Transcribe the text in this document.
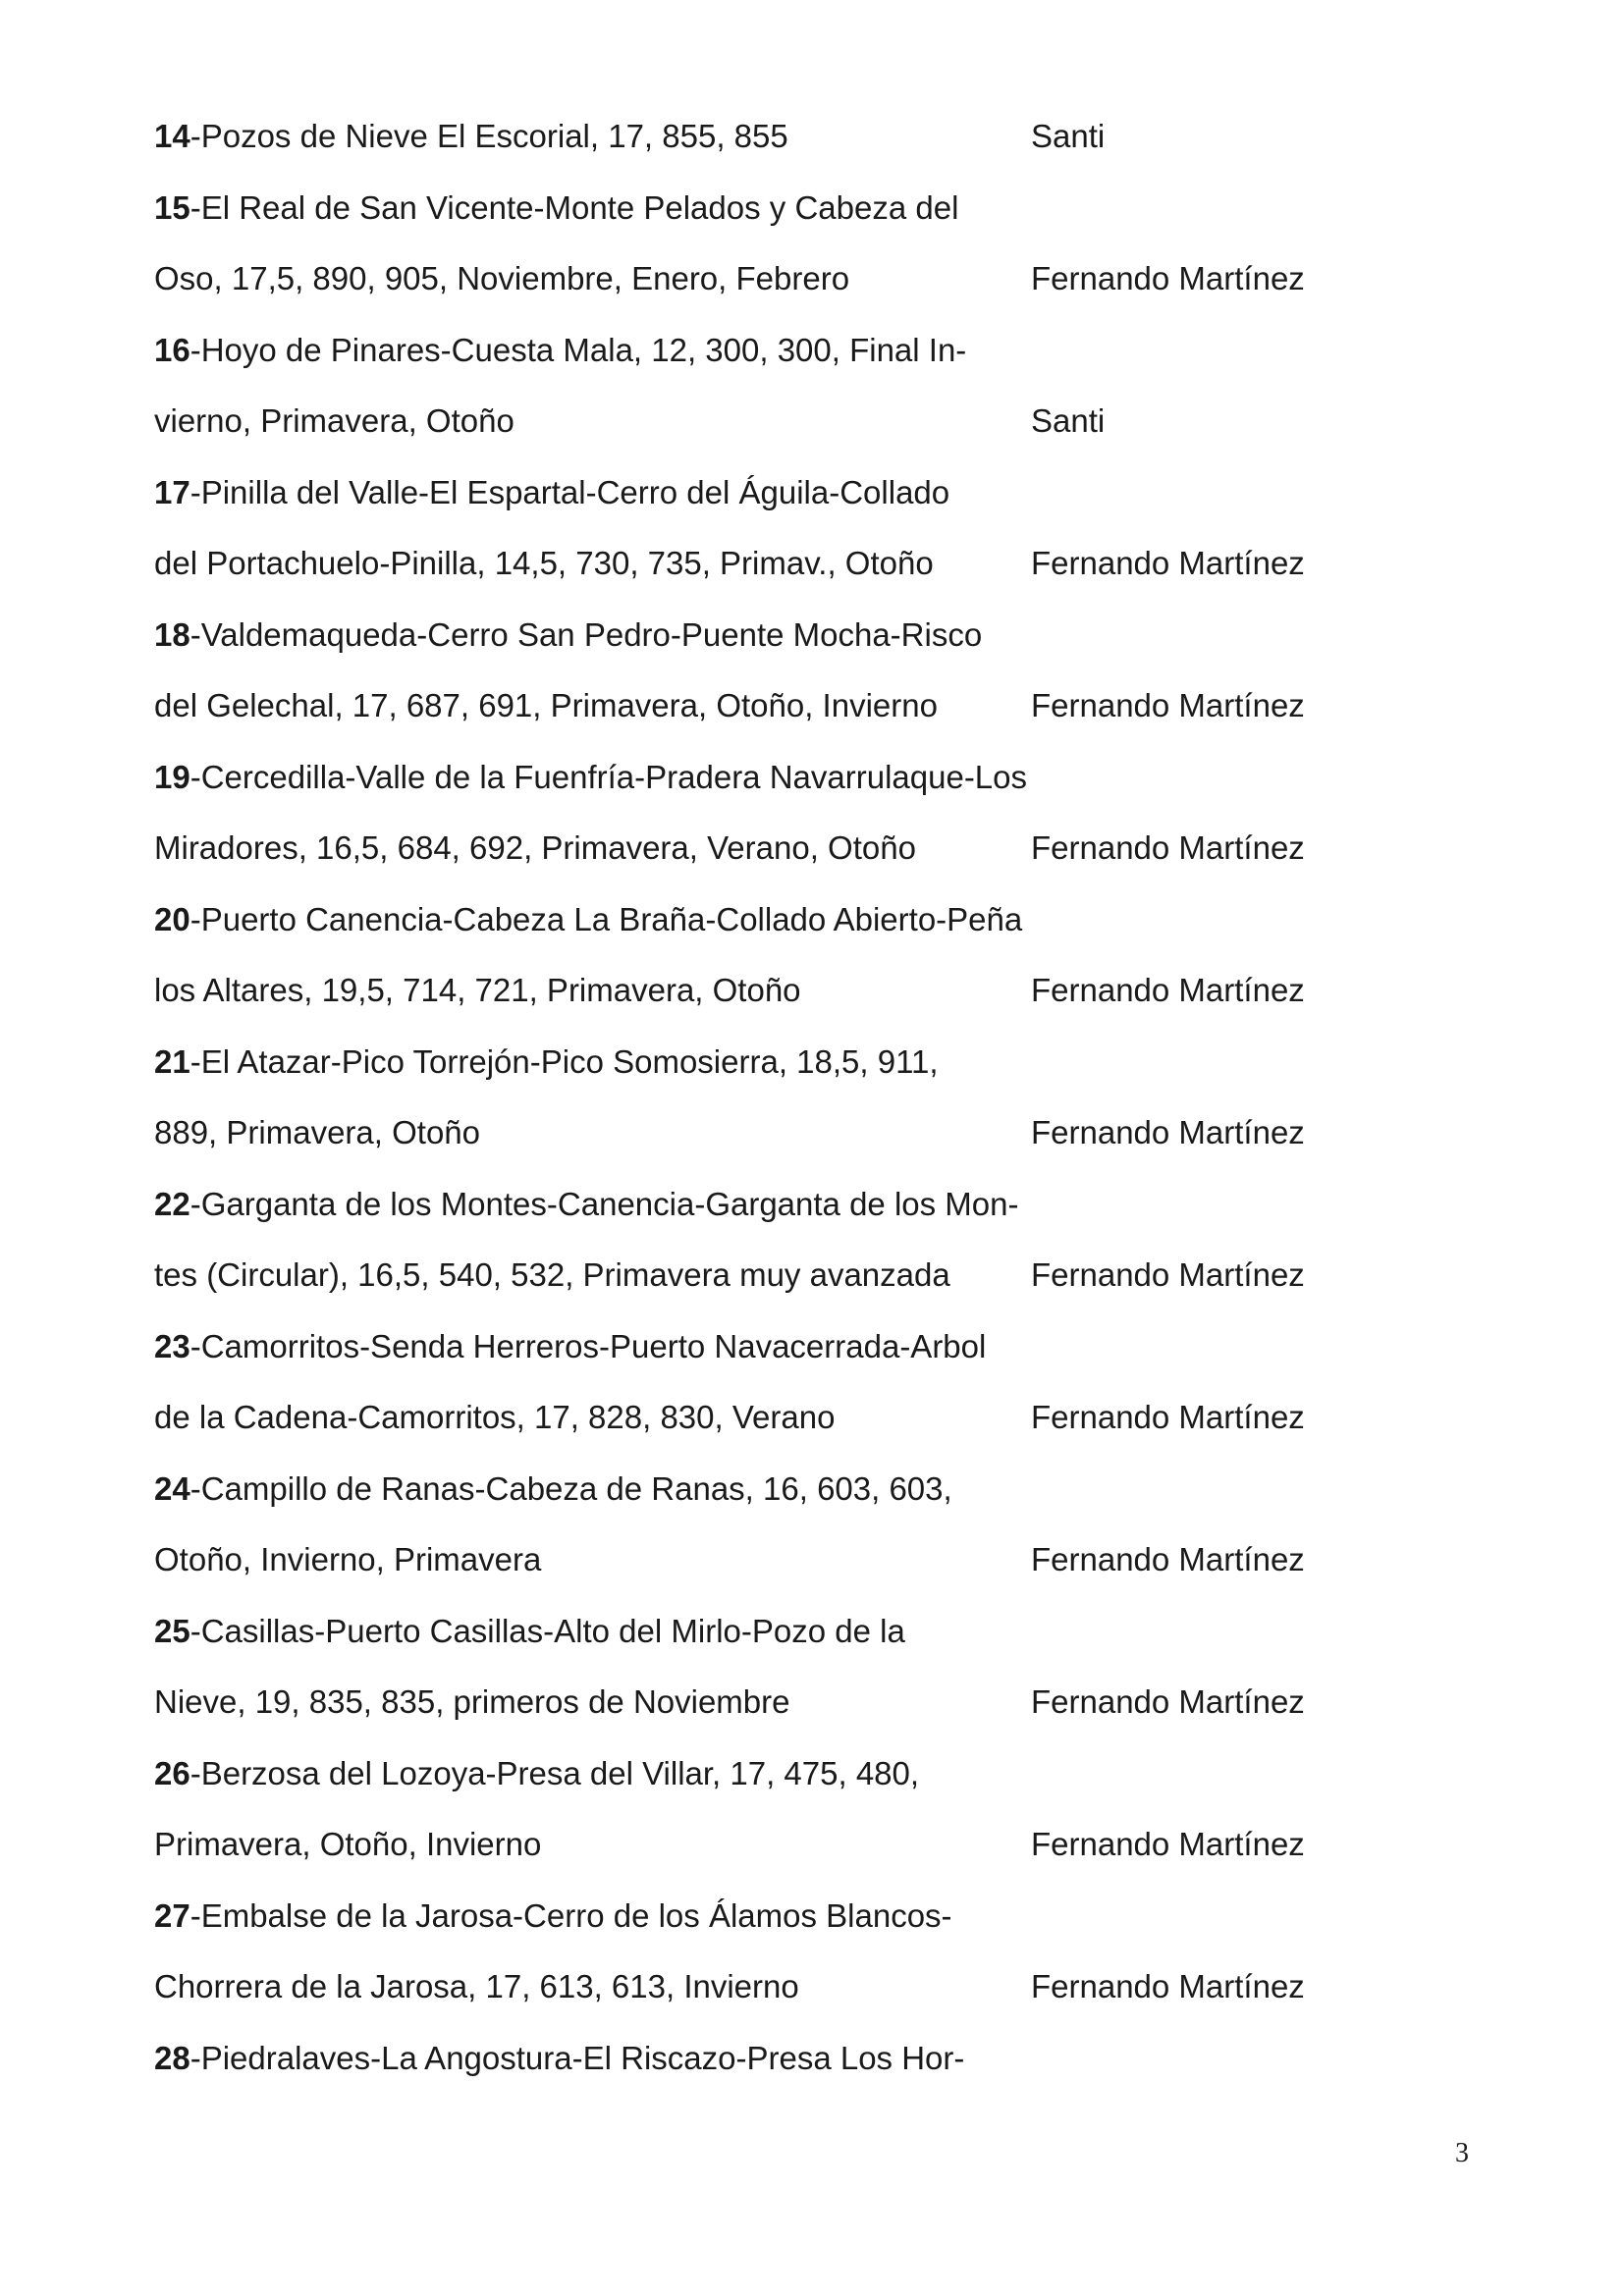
14-Pozos de Nieve El Escorial, 17, 855, 855	Santi
15-El Real de San Vicente-Monte Pelados y Cabeza del
Oso, 17,5, 890, 905, Noviembre, Enero, Febrero	Fernando Martínez
16-Hoyo de Pinares-Cuesta Mala, 12, 300, 300, Final In-
vierno, Primavera, Otoño	Santi
17-Pinilla del Valle-El Espartal-Cerro del Águila-Collado
del Portachuelo-Pinilla, 14,5, 730, 735, Primav., Otoño	Fernando Martínez
18-Valdemaqueda-Cerro San Pedro-Puente Mocha-Risco
del Gelechal, 17, 687, 691, Primavera, Otoño, Invierno	Fernando Martínez
19-Cercedilla-Valle de la Fuenfría-Pradera Navarrulaque-Los
Miradores, 16,5, 684, 692, Primavera, Verano, Otoño	Fernando Martínez
20-Puerto Canencia-Cabeza La Braña-Collado Abierto-Peña
los Altares, 19,5, 714, 721, Primavera, Otoño	Fernando Martínez
21-El Atazar-Pico Torrejón-Pico Somosierra, 18,5, 911,
889, Primavera, Otoño	Fernando Martínez
22-Garganta de los Montes-Canencia-Garganta de los Mon-
tes (Circular), 16,5, 540, 532, Primavera muy avanzada Fernando Martínez
23-Camorritos-Senda Herreros-Puerto Navacerrada-Arbol
de la Cadena-Camorritos, 17, 828, 830, Verano	Fernando Martínez
24-Campillo de Ranas-Cabeza de Ranas, 16, 603, 603,
Otoño, Invierno, Primavera	Fernando Martínez
25-Casillas-Puerto Casillas-Alto del Mirlo-Pozo de la
Nieve, 19, 835, 835, primeros de Noviembre	Fernando Martínez
26-Berzosa del Lozoya-Presa del Villar, 17, 475, 480,
Primavera, Otoño, Invierno	Fernando Martínez
27-Embalse de la Jarosa-Cerro de los Álamos Blancos-
Chorrera de la Jarosa, 17, 613, 613, Invierno	Fernando Martínez
28-Piedralaves-La Angostura-El Riscazo-Presa Los Hor-
3
